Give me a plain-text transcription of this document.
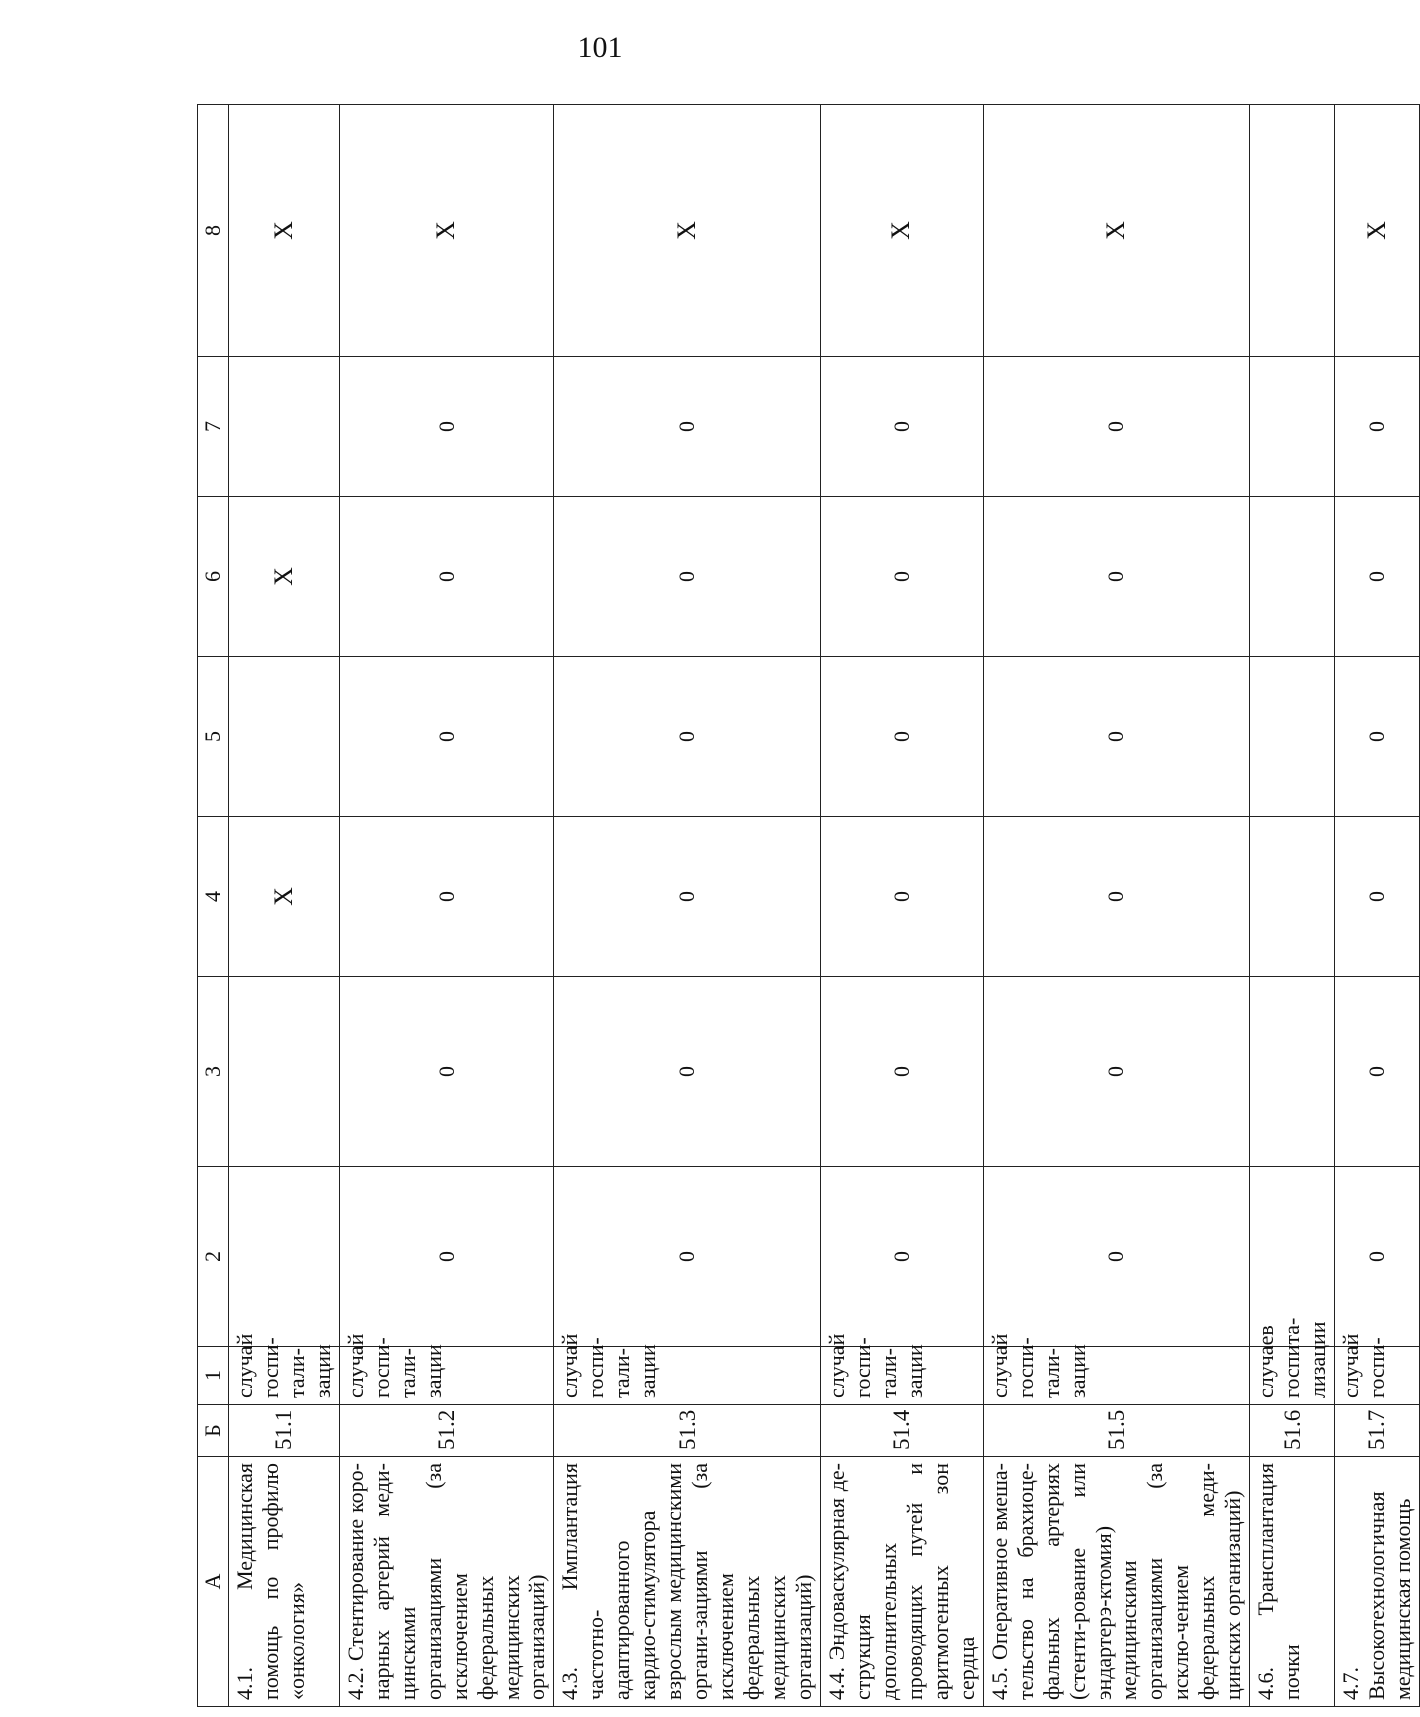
101
А	Б	1	2	3	4	5	6	7	8
4.1. Медицинская помощь по профилю «онкология»	51.1	случай госпи-тали-зации			X		X		X
4.2. Стентирование коро-нарных артерий меди-цинскими организациями (за исключением федеральных медицинских организаций)	51.2	случай госпи-тали-зации	0	0	0	0	0	0	X
4.3. Имплантация частотно-адаптированного кардио-стимулятора взрослым медицинскими органи-зациями (за исключением федеральных медицинских организаций)	51.3	случай госпи-тали-зации	0	0	0	0	0	0	X
4.4. Эндоваскулярная де-струкция дополнительных проводящих путей и аритмогенных зон сердца	51.4	случай госпи-тали-зации	0	0	0	0	0	0	X
4.5. Оперативное вмеша-тельство на брахиоце-фальных артериях (стенти-рование или эндартерэ-ктомия) медицинскими организациями (за исклю-чением федеральных меди-цинских организаций)	51.5	случай госпи-тали-зации	0	0	0	0	0	0	X
4.6. Трансплантация почки	51.6	случаев госпита-лизации							
4.7. Высокотехнологичная медицинская помощь	51.7	случай госпи-	0	0	0	0	0	0	X
